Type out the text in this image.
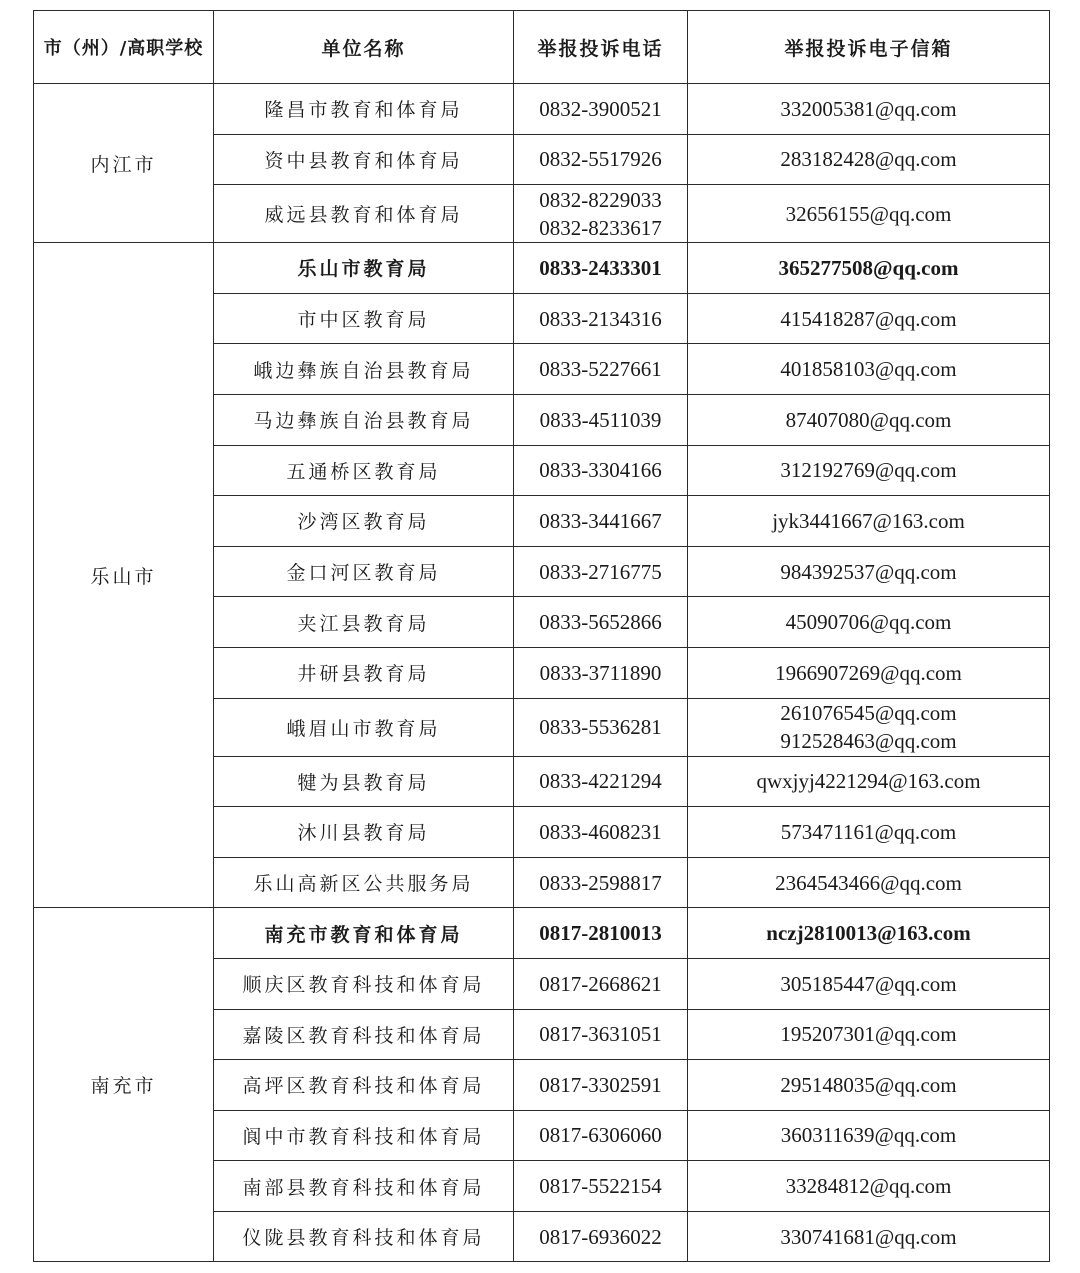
市（州）/高职学校	单位名称	举报投诉电话	举报投诉电子信箱
内江市	隆昌市教育和体育局	0832-3900521	332005381@qq.com

	资中县教育和体育局	0832-5517926	283182428@qq.com

	威远县教育和体育局	0832-8229033
0832-8233617	32656155@qq.com

乐山市	乐山市教育局	0833-2433301	365277508@qq.com

	市中区教育局	0833-2134316	415418287@qq.com

	峨边彝族自治县教育局	0833-5227661	401858103@qq.com

	马边彝族自治县教育局	0833-4511039	87407080@qq.com

	五通桥区教育局	0833-3304166	312192769@qq.com

	沙湾区教育局	0833-3441667	jyk3441667@163.com

	金口河区教育局	0833-2716775	984392537@qq.com

	夹江县教育局	0833-5652866	45090706@qq.com

	井研县教育局	0833-3711890	1966907269@qq.com

	峨眉山市教育局	0833-5536281	261076545@qq.com
912528463@qq.com

	犍为县教育局	0833-4221294	qwxjyj4221294@163.com

	沐川县教育局	0833-4608231	573471161@qq.com

	乐山高新区公共服务局	0833-2598817	2364543466@qq.com

南充市	南充市教育和体育局	0817-2810013	nczj2810013@163.com

	顺庆区教育科技和体育局	0817-2668621	305185447@qq.com

	嘉陵区教育科技和体育局	0817-3631051	195207301@qq.com

	高坪区教育科技和体育局	0817-3302591	295148035@qq.com

	阆中市教育科技和体育局	0817-6306060	360311639@qq.com

	南部县教育科技和体育局	0817-5522154	33284812@qq.com

	仪陇县教育科技和体育局	0817-6936022	330741681@qq.com
